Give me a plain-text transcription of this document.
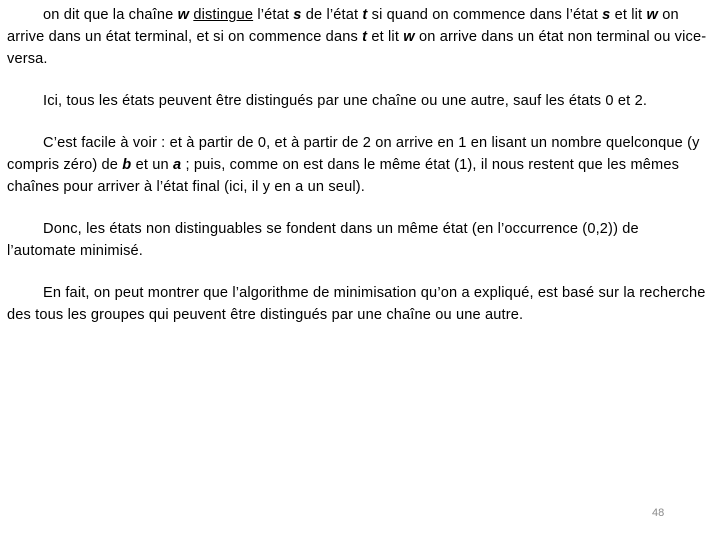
on dit que la chaîne w distingue l’état s de l’état t si quand on commence dans l’état s et lit w on arrive dans un état terminal, et si on commence dans t et lit w on arrive dans un état non terminal ou vice-versa.

Ici, tous les états peuvent être distingués par une chaîne ou une autre, sauf les états 0 et 2.

C’est facile à voir : et à partir de 0, et à partir de 2 on arrive en 1 en lisant un nombre quelconque (y compris zéro) de b et un a ; puis, comme on est dans le même état (1), il nous restent que les mêmes chaînes pour arriver à l’état final (ici, il y en a un seul).

Donc, les états non distinguables se fondent dans un même état (en l’occurrence (0,2)) de l’automate minimisé.

En fait, on peut montrer que l’algorithme de minimisation qu’on a expliqué, est basé sur la recherche des tous les groupes qui peuvent être distingués par une chaîne ou une autre.

48
